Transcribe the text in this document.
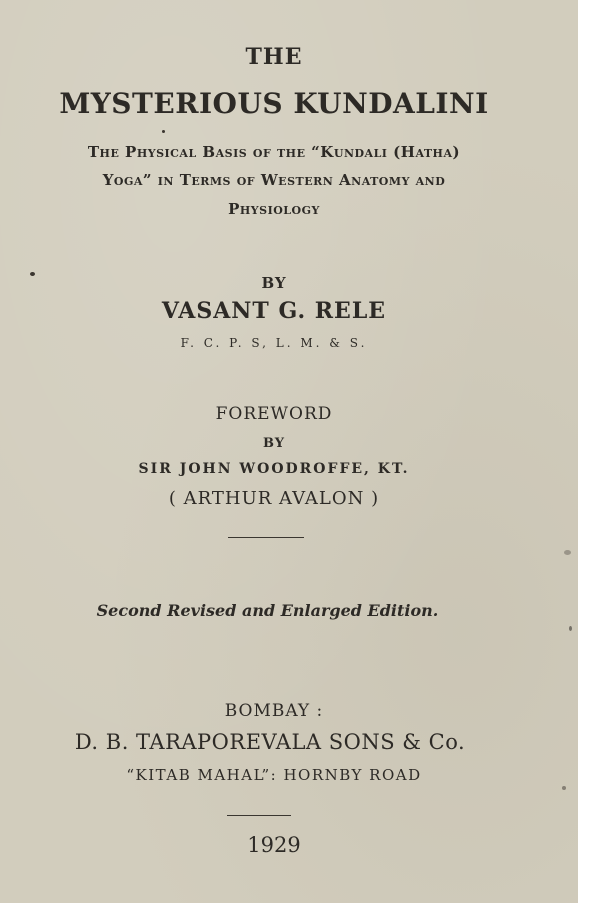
THE
MYSTERIOUS KUNDALINI
The Physical Basis of the “Kundali (Hatha)
Yoga” in Terms of Western Anatomy and
Physiology
BY
VASANT G. RELE
F. C. P. S, L. M. & S.
FOREWORD
BY
SIR JOHN WOODROFFE, KT.
( ARTHUR AVALON )
Second Revised and Enlarged Edition.
BOMBAY :
D. B. TARAPOREVALA SONS & Co.
“KITAB MAHAL”: HORNBY ROAD
1929
